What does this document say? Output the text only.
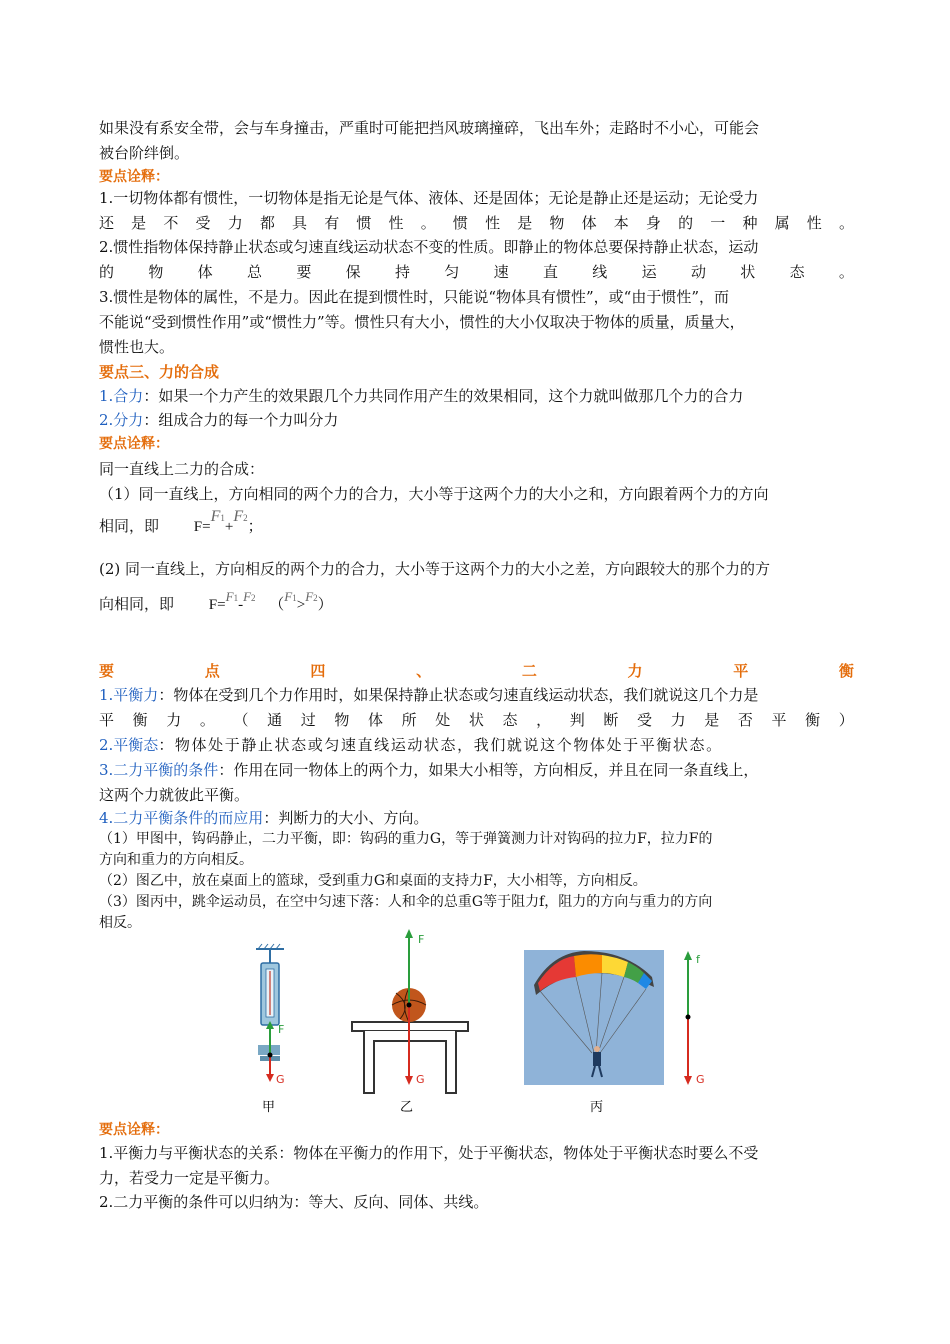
如果没有系安全带，会与车身撞击，严重时可能把挡风玻璃撞碎，飞出车外；走路时不小心，可能会
被台阶绊倒。
要点诠释：
1.一切物体都有惯性，一切物体是指无论是气体、液体、还是固体；无论是静止还是运动；无论受力
还 是 不 受 力 都 具 有 惯 性 。 惯 性 是 物 体 本 身 的 一 种 属 性 。
2.惯性指物体保持静止状态或匀速直线运动状态不变的性质。即静止的物体总要保持静止状态，运动
的 物 体 总 要 保 持 匀 速 直 线 运 动 状 态 。
3.惯性是物体的属性，不是力。因此在提到惯性时，只能说“物体具有惯性”，或“由于惯性”，而
不能说“受到惯性作用”或“惯性力”等。惯性只有大小，惯性的大小仅取决于物体的质量，质量大，
惯性也大。
要点三、力的合成
1.合力：如果一个力产生的效果跟几个力共同作用产生的效果相同，这个力就叫做那几个力的合力
2.分力：组成合力的每一个力叫分力
要点诠释：
同一直线上二力的合成：
（1）同一直线上，方向相同的两个力的合力，大小等于这两个力的大小之和，方向跟着两个力的方向
相同，即 F=F1+F2；
(2) 同一直线上，方向相反的两个力的合力，大小等于这两个力的大小之差，方向跟较大的那个力的方
向相同，即 F=F1-F2 （F1>F2）
要	点	四	、	二	力	平	衡
1.平衡力：物体在受到几个力作用时，如果保持静止状态或匀速直线运动状态，我们就说这几个力是
平 衡 力 。 （ 通 过 物 体 所 处 状 态 ， 判 断 受 力 是 否 平 衡 ）
2.平衡态：物体处于静止状态或匀速直线运动状态，我们就说这个物体处于平衡状态。
3.二力平衡的条件：作用在同一物体上的两个力，如果大小相等，方向相反，并且在同一条直线上，
这两个力就彼此平衡。
4.二力平衡条件的而应用：判断力的大小、方向。
（1）甲图中，钩码静止，二力平衡，即：钩码的重力G，等于弹簧测力计对钩码的拉力F，拉力F的
方向和重力的方向相反。
（2）图乙中，放在桌面上的篮球，受到重力G和桌面的支持力F，大小相等，方向相反。
（3）图丙中，跳伞运动员，在空中匀速下落：人和伞的总重G等于阻力f，阻力的方向与重力的方向
相反。
要点诠释：
1.平衡力与平衡状态的关系：物体在平衡力的作用下，处于平衡状态，物体处于平衡状态时要么不受
力，若受力一定是平衡力。
2.二力平衡的条件可以归纳为：等大、反向、同体、共线。
F
G
甲
F
G
乙
f
G
丙
